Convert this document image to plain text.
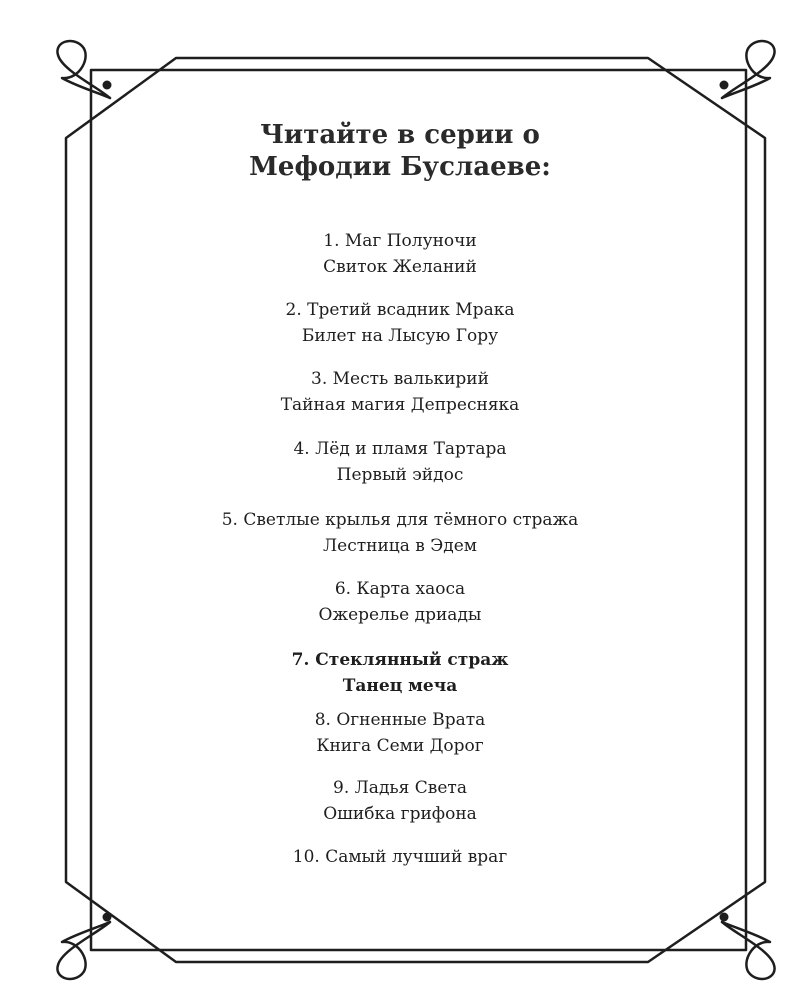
Читайте в серии о
Мефодии Буслаеве:
1. Маг Полуночи
Свиток Желаний
2. Третий всадник Мрака
Билет на Лысую Гору
3. Месть валькирий
Тайная магия Депресняка
4. Лёд и пламя Тартара
Первый эйдос
5. Светлые крылья для тёмного стража
Лестница в Эдем
6. Карта хаоса
Ожерелье дриады
7. Стеклянный страж
Танец меча
8. Огненные Врата
Книга Семи Дорог
9. Ладья Света
Ошибка грифона
10. Самый лучший враг
